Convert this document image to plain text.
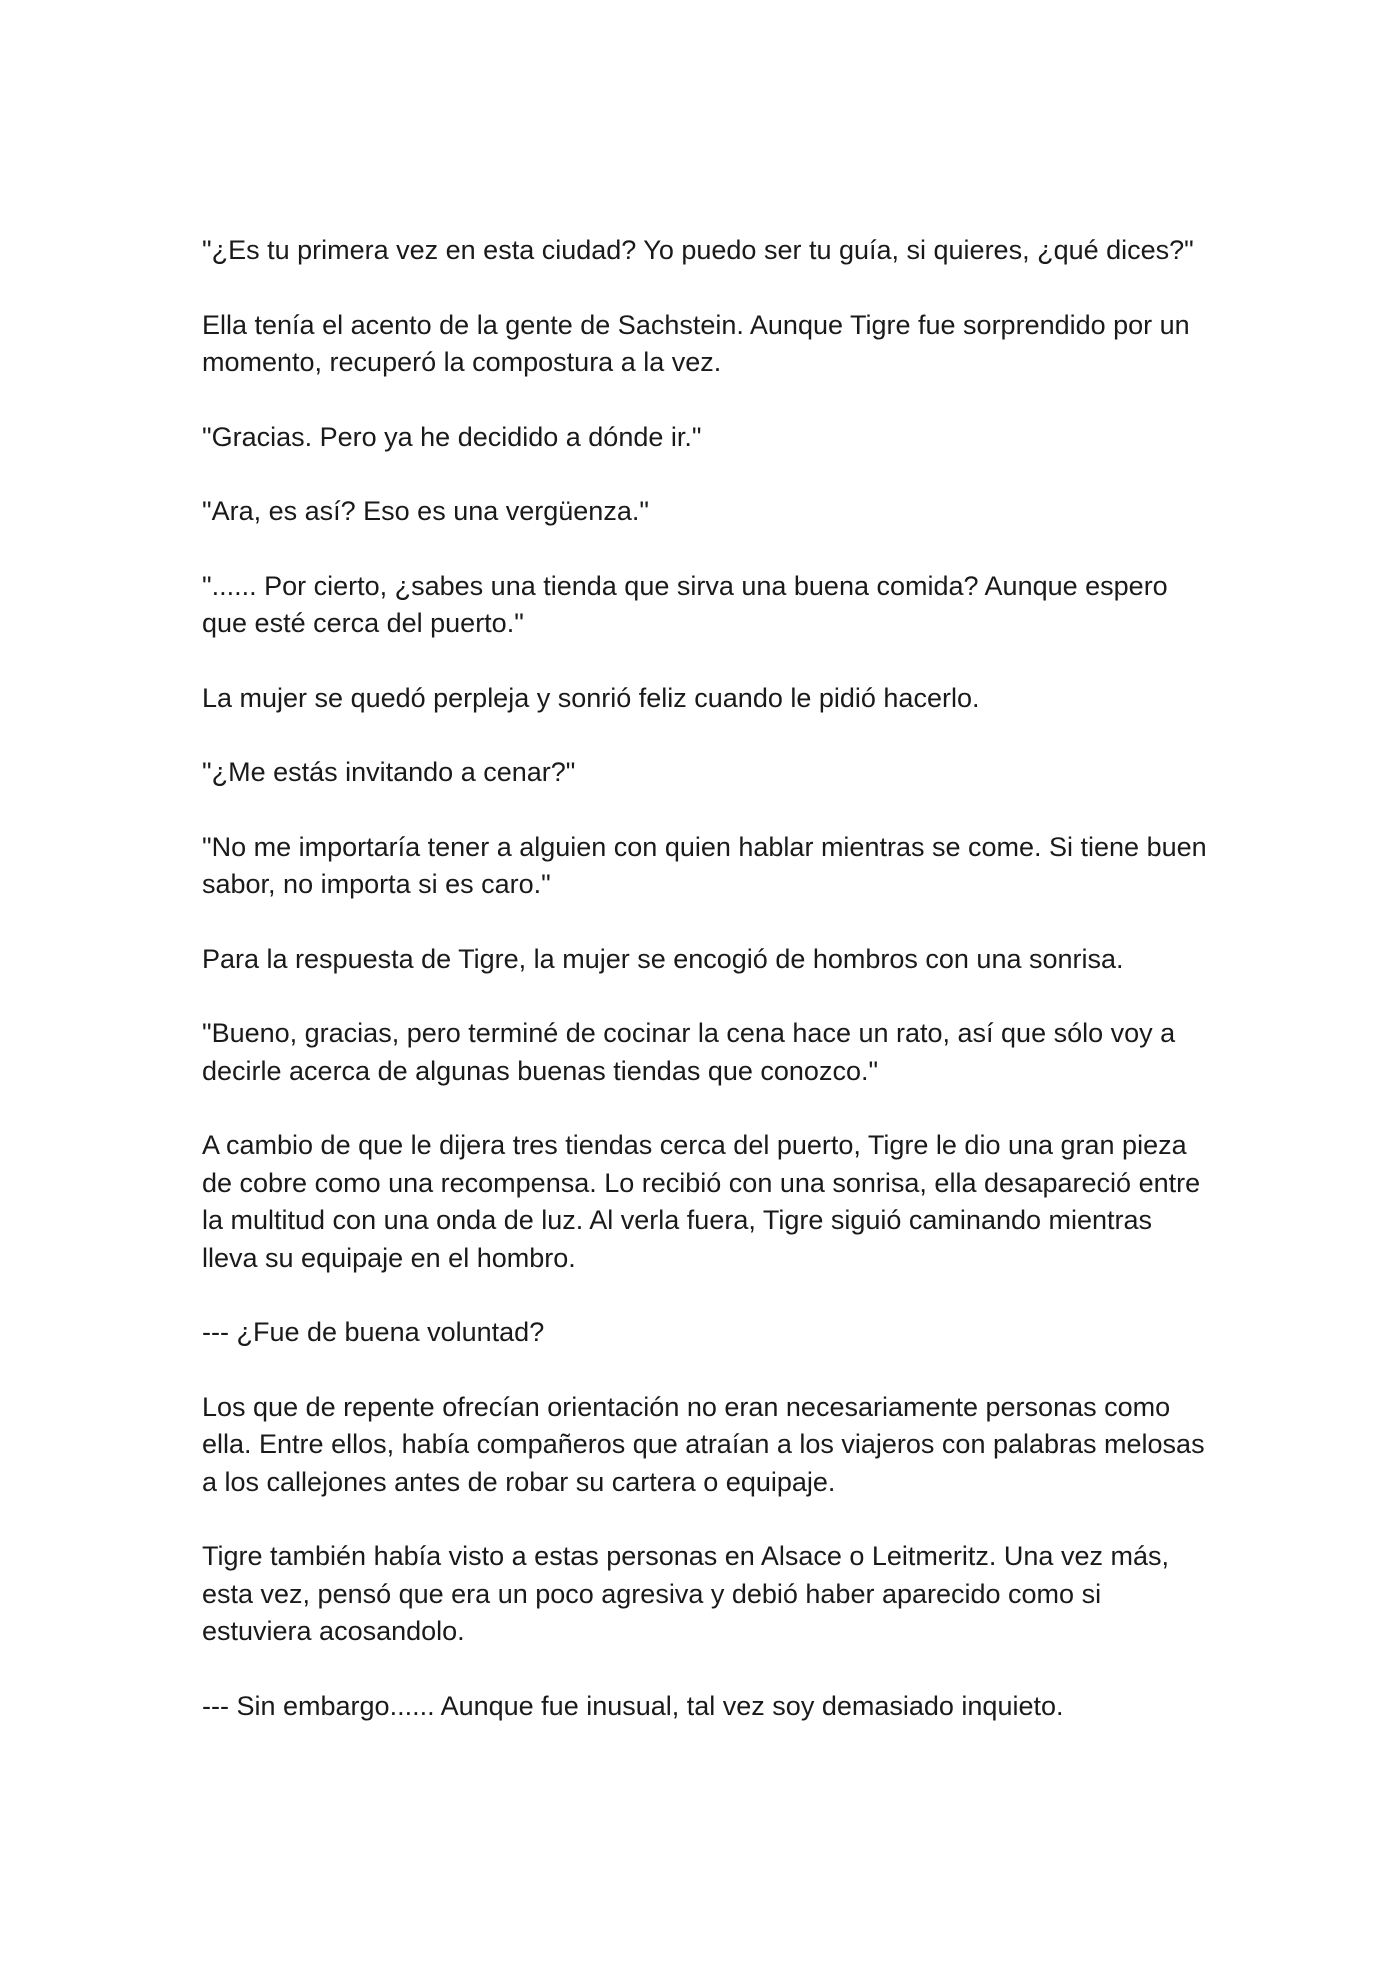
"¿Es tu primera vez en esta ciudad? Yo puedo ser tu guía, si quieres, ¿qué dices?"

Ella tenía el acento de la gente de Sachstein. Aunque Tigre fue sorprendido por un momento, recuperó la compostura a la vez.

"Gracias. Pero ya he decidido a dónde ir."

"Ara, es así? Eso es una vergüenza."

"...... Por cierto, ¿sabes una tienda que sirva una buena comida? Aunque espero que esté cerca del puerto."

La mujer se quedó perpleja y sonrió feliz cuando le pidió hacerlo.

"¿Me estás invitando a cenar?"

"No me importaría tener a alguien con quien hablar mientras se come. Si tiene buen sabor, no importa si es caro."

Para la respuesta de Tigre, la mujer se encogió de hombros con una sonrisa.

"Bueno, gracias, pero terminé de cocinar la cena hace un rato, así que sólo voy a decirle acerca de algunas buenas tiendas que conozco."

A cambio de que le dijera tres tiendas cerca del puerto, Tigre le dio una gran pieza de cobre como una recompensa. Lo recibió con una sonrisa, ella desapareció entre la multitud con una onda de luz. Al verla fuera, Tigre siguió caminando mientras lleva su equipaje en el hombro.

--- ¿Fue de buena voluntad?

Los que de repente ofrecían orientación no eran necesariamente personas como ella. Entre ellos, había compañeros que atraían a los viajeros con palabras melosas a los callejones antes de robar su cartera o equipaje.

Tigre también había visto a estas personas en Alsace o Leitmeritz. Una vez más, esta vez, pensó que era un poco agresiva y debió haber aparecido como si estuviera acosandolo.

--- Sin embargo...... Aunque fue inusual, tal vez soy demasiado inquieto.
